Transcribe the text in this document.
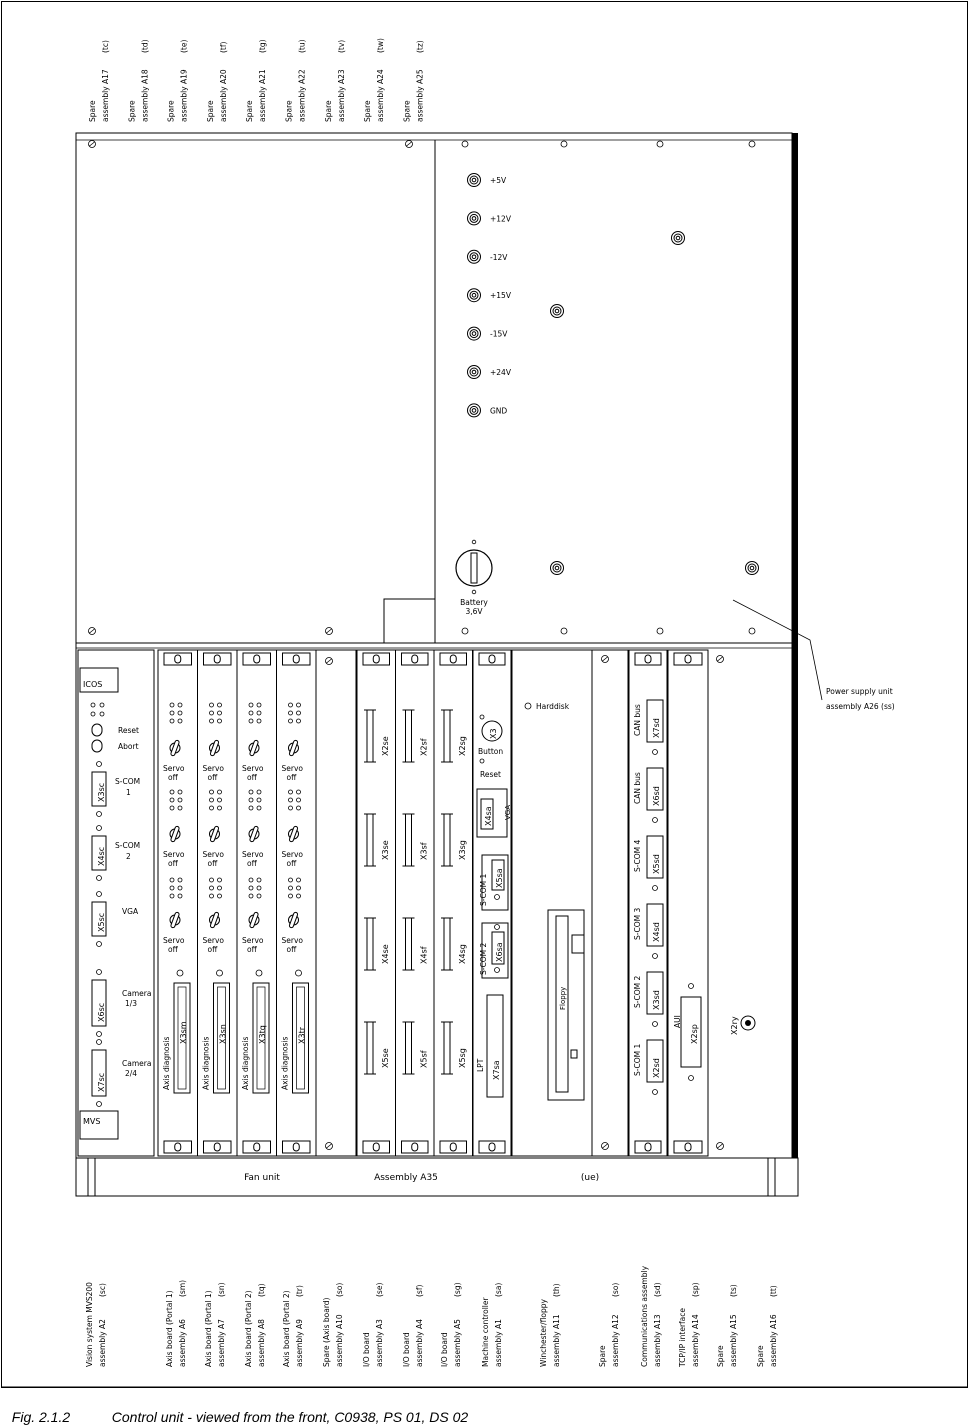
Spare assembly A17
(tc)
Spare assembly A18
(td)
Spare assembly A19
(te)
Spare assembly A20
(tf)
Spare assembly A21
(tg)
Spare assembly A22
(tu)
Spare assembly A23
(tv)
Spare assembly A24
(tw)
Spare assembly A25
(tz)
+5V
+12V
-12V
+15V
-15V
+24V
GND
Battery
3,6V
Power supply unit
assembly A26 (ss)
ICOS
MVS
Reset
Abort
X3sc
S-COM
1
X4sc
S-COM
2
X5sc
VGA
X6sc
Camera
1/3
X7sc
Camera
2/4
Servo
off
Servo
off
Servo
off
Axis diagnosis
X3sm
Servo
off
Servo
off
Servo
off
Axis diagnosis
X3sn
Servo
off
Servo
off
Servo
off
Axis diagnosis
X3tq
Servo
off
Servo
off
Servo
off
Axis diagnosis
X3tr
X2se
X3se
X4se
X5se
X2sf
X3sf
X4sf
X5sf
X2sg
X3sg
X4sg
X5sg
X3
Button
Reset
X4sa VGA
X5sa
S-COM 1
X6sa
S-COM 2
LPT X7sa
Harddisk
Floppy
X7sd
CAN bus
X6sd
CAN bus
X5sd
S-COM 4
X4sd
S-COM 3
X3sd
S-COM 2
X2sd
S-COM 1
AUI
X2sp	X2ry
Fan unit	Assembly A35	(ue)
Vision system MVS200 assembly A2
(sc)
Axis board (Portal 1) assembly A6
(sm)
Axis board (Portal 1) assembly A7
(sn)
Axis board (Portal 2) assembly A8
(tq)
Axis board (Portal 2) assembly A9
(tr)
Spare (Axis board) assembly A10
(so)
I/O board assembly A3
(se)
I/O board assembly A4
(sf)
I/O board assembly A5
(sg)
Machine controller assembly A1
(sa)
Winchester/floppy assembly A11
(th)
Spare assembly A12
(so)	Communications assembly assembly A13
(sd)
TCP/IP interface assembly A14
(sp)
Spare assembly A15
(ts)
Spare assembly A16
(tt)

Fig. 2.1.2	Control unit - viewed from the front, C0938, PS 01, DS 02
